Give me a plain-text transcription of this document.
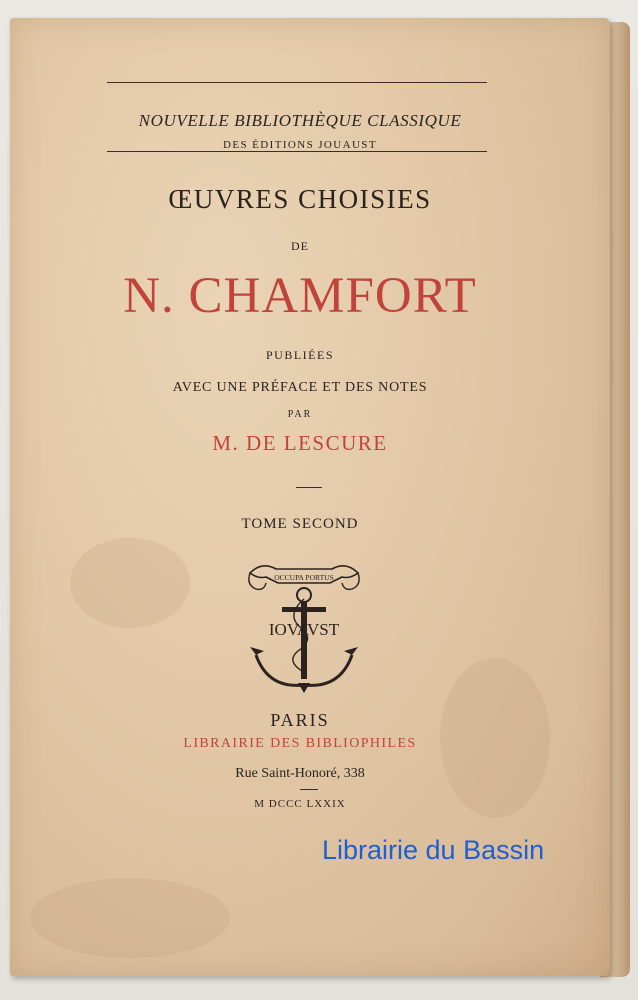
NOUVELLE BIBLIOTHÈQUE CLASSIQUE
DES ÉDITIONS JOUAUST
ŒUVRES CHOISIES
DE
N. CHAMFORT
PUBLIÉES
AVEC UNE PRÉFACE ET DES NOTES
PAR
M. DE LESCURE
TOME SECOND
OCCUPA PORTUS
IOVAVST
PARIS
LIBRAIRIE DES BIBLIOPHILES
Rue Saint-Honoré, 338
M DCCC LXXIX
Librairie du Bassin
